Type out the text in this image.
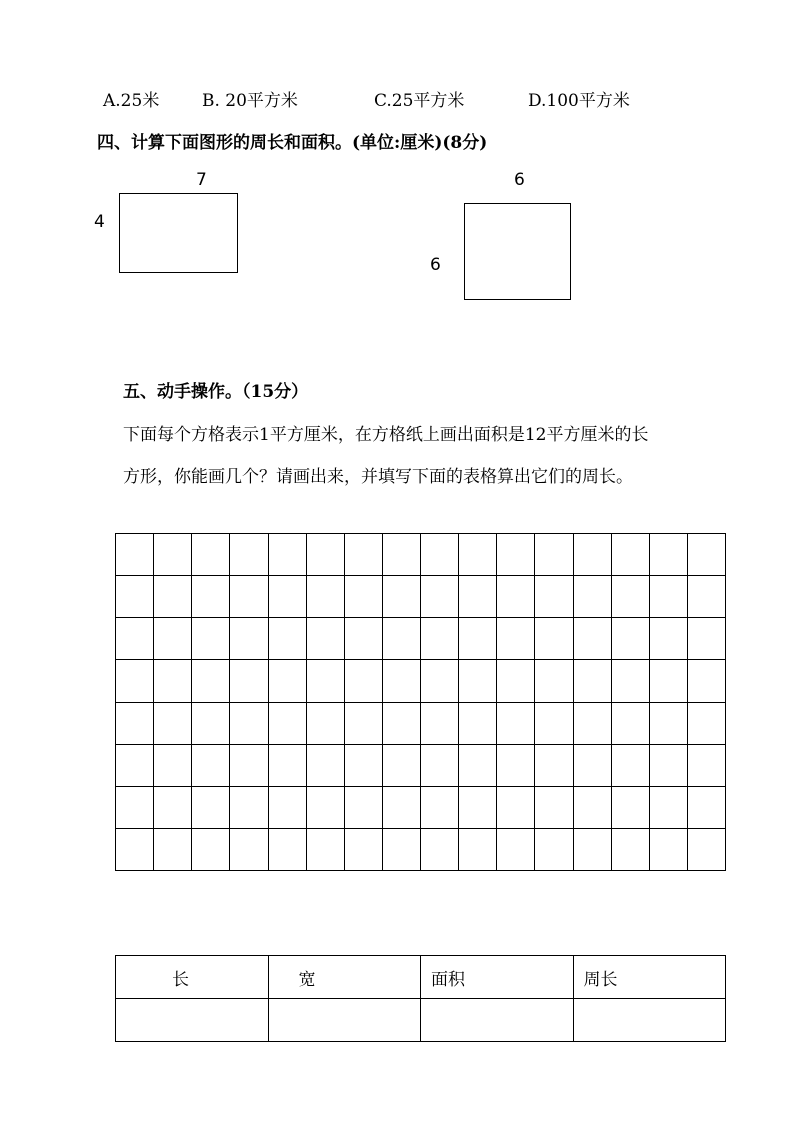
A.25米	B. 20平方米	C.25平方米	D.100平方米
四、计算下面图形的周长和面积。(单位:厘米)(8分)
7
4
6
6
五、动手操作。（15分）
下面每个方格表示1平方厘米，在方格纸上画出面积是12平方厘米的长
方形，你能画几个？请画出来，并填写下面的表格算出它们的周长。

长	宽	面积	周长
